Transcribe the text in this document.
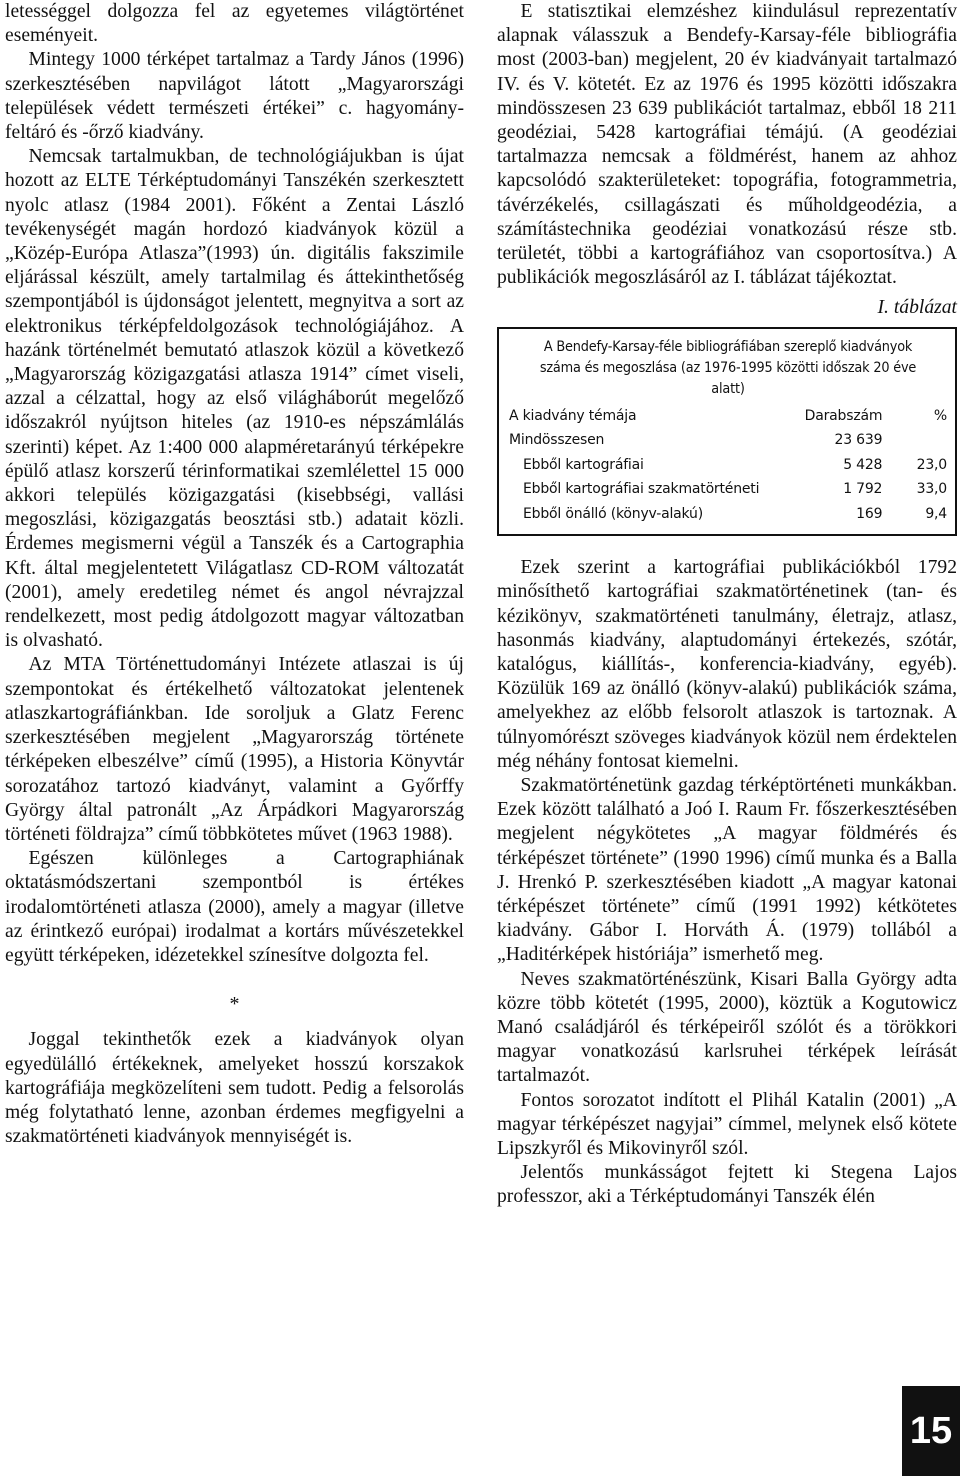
letességgel dolgozza fel az egyetemes világtörténet eseményeit.

Mintegy 1000 térképet tartalmaz a Tardy János (1996) szerkesztésében napvilágot látott „Magyarországi települések védett természeti értékei” c. hagyomány-feltáró és -őrző kiadvány.

Nemcsak tartalmukban, de technológiájukban is újat hozott az ELTE Térképtudományi Tanszékén szerkesztett nyolc atlasz (1984 2001). Főként a Zentai László tevékenységét magán hordozó kiadványok közül a „Közép-Európa Atlasza”(1993) ún. digitális fakszimile eljárással készült, amely tartalmilag és áttekinthetőség szempontjából is újdonságot jelentett, megnyitva a sort az elektronikus térképfeldolgozások technológiájához. A hazánk történelmét bemutató atlaszok közül a következő „Magyarország közigazgatási atlasza 1914” címet viseli, azzal a célzattal, hogy az első világháborút megelőző időszakról nyújtson hiteles (az 1910-es népszámlálás szerinti) képet. Az 1:400 000 alapméretarányú térképekre épülő atlasz korszerű térinformatikai szemlélettel 15 000 akkori település közigazgatási (kisebbségi, vallási megoszlási, közigazgatás beosztási stb.) adatait közli. Érdemes megismerni végül a Tanszék és a Cartographia Kft. által megjelentetett Világatlasz CD-ROM változatát (2001), amely eredetileg német és angol névrajzzal rendelkezett, most pedig átdolgozott magyar változatban is olvasható.

Az MTA Történettudományi Intézete atlaszai is új szempontokat és értékelhető változatokat jelentenek atlaszkartográfiánkban. Ide soroljuk a Glatz Ferenc szerkesztésében megjelent „Magyarország története térképeken elbeszélve” című (1995), a Historia Könyvtár sorozatához tartozó kiadványt, valamint a Győrffy György által patronált „Az Árpádkori Magyarország történeti földrajza” című többkötetes művet (1963 1988).

Egészen különleges a Cartographiának oktatásmódszertani szempontból is értékes irodalomtörténeti atlasza (2000), amely a magyar (illetve az érintkező európai) irodalmat a kortárs művészetekkel együtt térképeken, idézetekkel színesítve dolgozta fel.

*

Joggal tekinthetők ezek a kiadványok olyan egyedülálló értékeknek, amelyeket hosszú korszakok kartográfiája megközelíteni sem tudott. Pedig a felsorolás még folytatható lenne, azonban érdemes megfigyelni a szakmatörténeti kiadványok mennyiségét is.

E statisztikai elemzéshez kiindulásul reprezentatív alapnak válasszuk a Bendefy-Karsay-féle bibliográfia most (2003-ban) megjelent, 20 év kiadványait tartalmazó IV. és V. kötetét. Ez az 1976 és 1995 közötti időszakra mindösszesen 23 639 publikációt tartalmaz, ebből 18 211 geodéziai, 5428 kartográfiai témájú. (A geodéziai tartalmazza nemcsak a földmérést, hanem az ahhoz kapcsolódó szakterületeket: topográfia, fotogrammetria, távérzékelés, csillagászati és műholdgeodézia, a számítástechnika geodéziai vonatkozású része stb. területét, többi a kartográfiához van csoportosítva.) A publikációk megoszlásáról az I. táblázat tájékoztat.

I. táblázat
A Bendefy-Karsay-féle bibliográfiában szereplő kiadványok száma és megoszlása (az 1976-1995 közötti időszak 20 éve alatt)
A kiadvány témája	Darabszám	%
Mindösszesen	23 639	
Ebből kartográfiai	5 428	23,0
Ebből kartográfiai szakmatörténeti	1 792	33,0
Ebből önálló (könyv-alakú)	169	9,4

Ezek szerint a kartográfiai publikációkból 1792 minősíthető kartográfiai szakmatörténetinek (tan- és kézikönyv, szakmatörténeti tanulmány, életrajz, atlasz, hasonmás kiadvány, alaptudományi értekezés, szótár, katalógus, kiállítás-, konferencia-kiadvány, egyéb). Közülük 169 az önálló (könyv-alakú) publikációk száma, amelyekhez az előbb felsorolt atlaszok is tartoznak. A túlnyomórészt szöveges kiadványok közül nem érdektelen még néhány fontosat kiemelni.

Szakmatörténetünk gazdag térképtörténeti munkákban. Ezek között található a Joó I. Raum Fr. főszerkesztésében megjelent négykötetes „A magyar földmérés és térképészet története” (1990 1996) című munka és a Balla J. Hrenkó P. szerkesztésében kiadott „A magyar katonai térképészet története” című (1991 1992) kétkötetes kiadvány. Gábor I. Horváth Á. (1979) tollából a „Haditérképek históriája” ismerhető meg.

Neves szakmatörténészünk, Kisari Balla György adta közre több kötetét (1995, 2000), köztük a Kogutowicz Manó családjáról és térképeiről szólót és a törökkori magyar vonatkozású karlsruhei térképek leírását tartalmazót.

Fontos sorozatot indított el Plihál Katalin (2001) „A magyar térképészet nagyjai” címmel, melynek első kötete Lipszkyről és Mikovinyről szól.

Jelentős munkásságot fejtett ki Stegena Lajos professzor, aki a Térképtudományi Tanszék élén

15
